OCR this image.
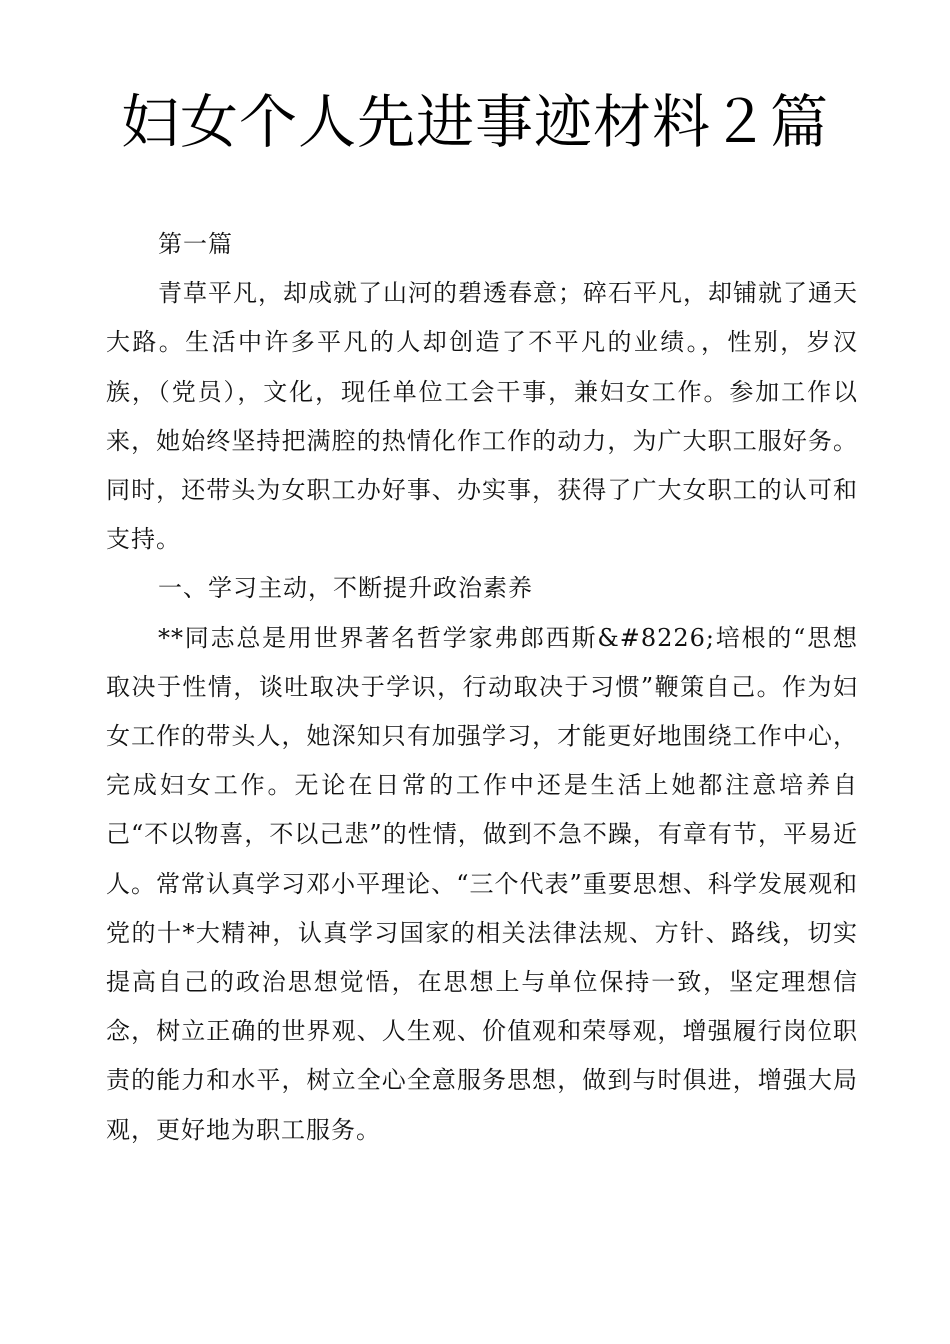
妇女个人先进事迹材料２篇

第一篇

青草平凡，却成就了山河的碧透春意；碎石平凡，却铺就了通天大路。生活中许多平凡的人却创造了不平凡的业绩。，性别，岁汉族，（党员），文化，现任单位工会干事，兼妇女工作。参加工作以来，她始终坚持把满腔的热情化作工作的动力，为广大职工服好务。同时，还带头为女职工办好事、办实事，获得了广大女职工的认可和支持。

一、学习主动，不断提升政治素养

**同志总是用世界著名哲学家弗郎西斯&#8226;培根的“思想取决于性情，谈吐取决于学识，行动取决于习惯”鞭策自己。作为妇女工作的带头人，她深知只有加强学习，才能更好地围绕工作中心，完成妇女工作。无论在日常的工作中还是生活上她都注意培养自己“不以物喜，不以己悲”的性情，做到不急不躁，有章有节，平易近人。常常认真学习邓小平理论、“三个代表”重要思想、科学发展观和党的十*大精神，认真学习国家的相关法律法规、方针、路线，切实提高自己的政治思想觉悟，在思想上与单位保持一致，坚定理想信念，树立正确的世界观、人生观、价值观和荣辱观，增强履行岗位职责的能力和水平，树立全心全意服务思想，做到与时俱进，增强大局观，更好地为职工服务。
